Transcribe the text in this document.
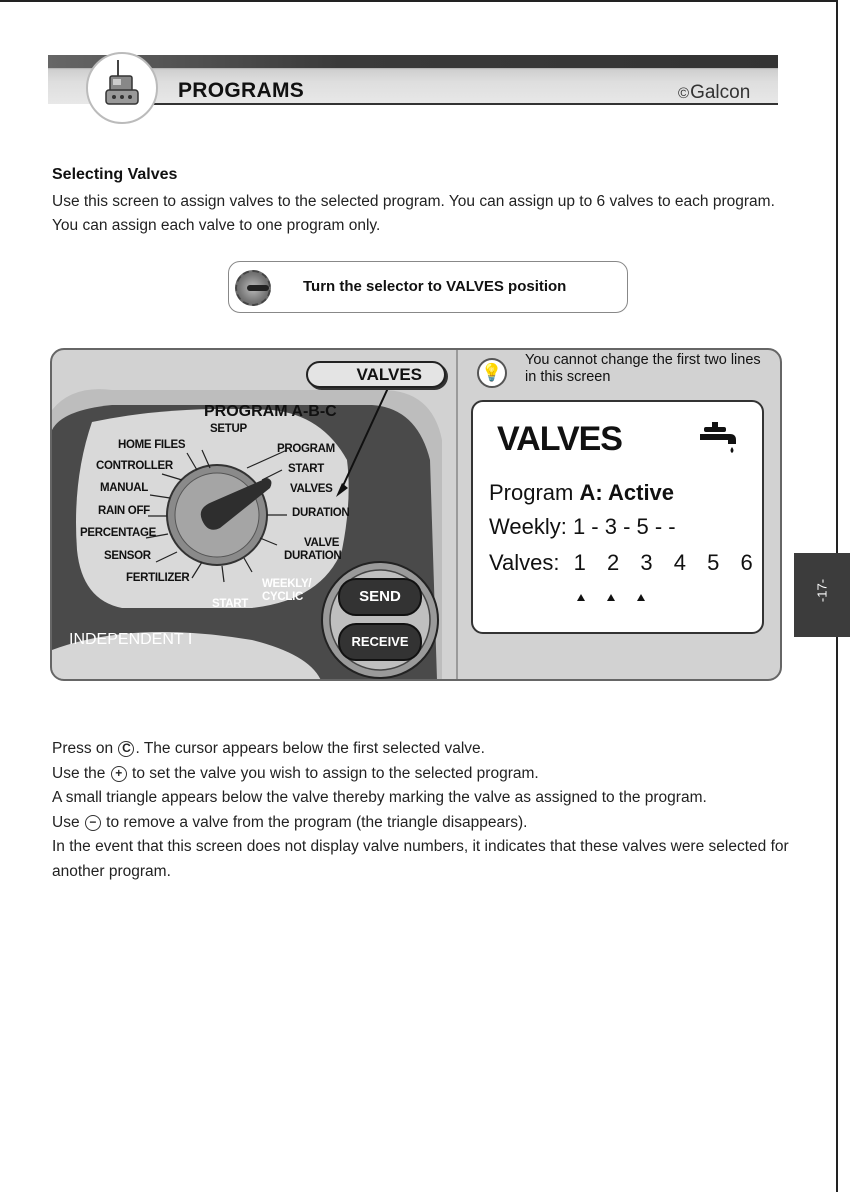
PROGRAMS	©Galcon
Selecting Valves
Use this screen to assign valves to the selected program. You can assign up to 6 valves to each program. You can assign each valve to one program only.
Turn the selector to VALVES position
VALVES
PROGRAM A-B-C
SETUP
PROGRAM
START
VALVES
DURATION
VALVE
DURATION
WEEKLY/
CYCLIC
START
HOME FILES
CONTROLLER
MANUAL
RAIN OFF
PERCENTAGE
SENSOR
FERTILIZER
INDEPENDENT I
SEND
RECEIVE
💡
You cannot change the first two lines in this screen
VALVES
Program A: Active
Weekly: 1 - 3 - 5 - -
Valves: 1 2 3 4 5 6
-17-
Press on C . The cursor appears below the first selected valve.
Use the + to set the valve you wish to assign to the selected program.
A small triangle appears below the valve thereby marking the valve as assigned to the program.
Use − to remove a valve from the program (the triangle disappears).
In the event that this screen does not display valve numbers, it indicates that these valves were selected for another program.
